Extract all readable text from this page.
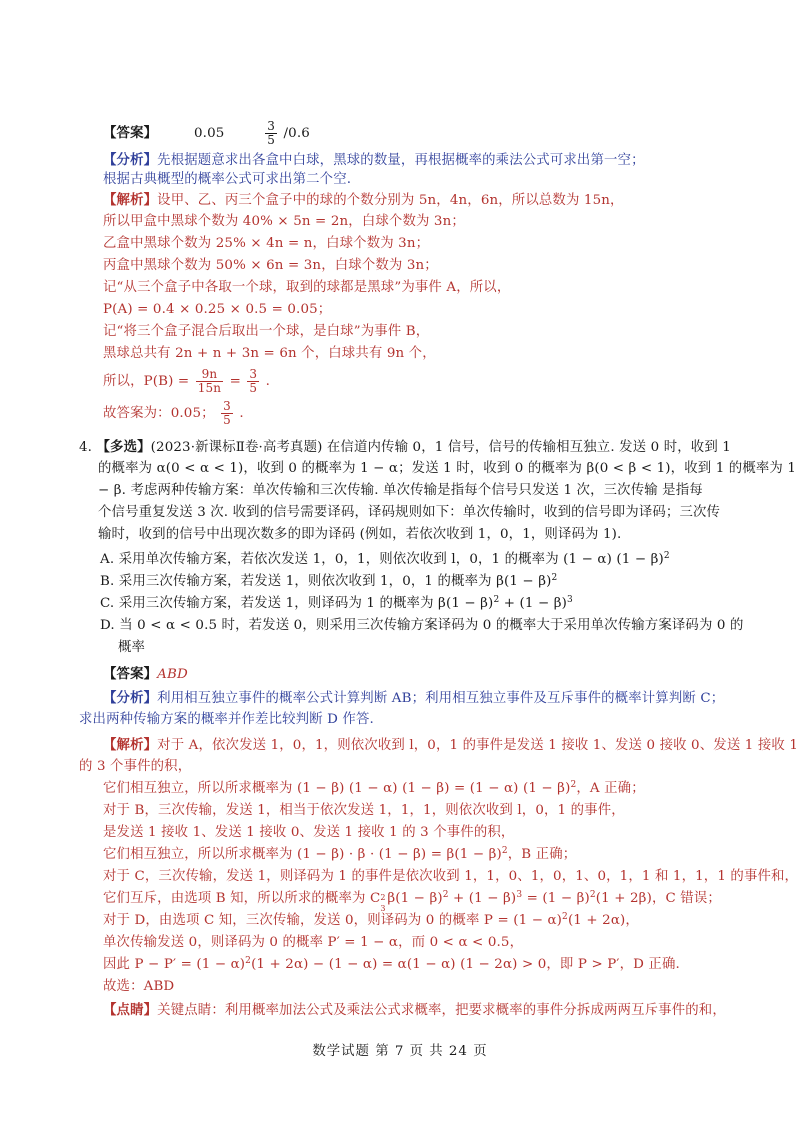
【答案】	0.05	$\frac{3}{5} /0.6$
【分析】先根据题意求出各盒中白球，黑球的数量，再根据概率的乘法公式可求出第一空；
根据古典概型的概率公式可求出第二个空.
【解析】设甲、乙、丙三个盒子中的球的个数分别为 5n，4n，6n，所以总数为 15n，
所以甲盒中黑球个数为 40% × 5n = 2n，白球个数为 3n；
乙盒中黑球个数为 25% × 4n = n，白球个数为 3n；
丙盒中黑球个数为 50% × 6n = 3n，白球个数为 3n；
记“从三个盒子中各取一个球，取到的球都是黑球”为事件 A，所以，
P(A) = 0.4 × 0.25 × 0.5 = 0.05；
记“将三个盒子混合后取出一个球，是白球”为事件 B，
黑球总共有 2n + n + 3n = 6n 个，白球共有 9n 个，
所以，$P(B) = \frac{9n}{15n} = \frac{3}{5}$ .
故答案为：0.05； $\frac{3}{5}$ .
4. 【多选】(2023·新课标Ⅱ卷·高考真题) 在信道内传输 0，1 信号，信号的传输相互独立. 发送 0 时，收到 1
的概率为 α(0 < α < 1)，收到 0 的概率为 1 − α；发送 1 时，收到 0 的概率为 β(0 < β < 1)，收到 1 的概率为 1
− β. 考虑两种传输方案：单次传输和三次传输. 单次传输是指每个信号只发送 1 次，三次传输 是指每
个信号重复发送 3 次. 收到的信号需要译码，译码规则如下：单次传输时，收到的信号即为译码；三次传
输时，收到的信号中出现次数多的即为译码 (例如，若依次收到 1，0，1，则译码为 1).
A. 采用单次传输方案，若依次发送 1，0，1，则依次收到 l，0，1 的概率为 (1 − α) $(1 - \beta)^2$
B. 采用三次传输方案，若发送 1，则依次收到 1，0，1 的概率为 $\beta(1 - \beta)^2$
C. 采用三次传输方案，若发送 1，则译码为 1 的概率为 $\beta(1 - \beta)^2 + (1 - \beta)^3$
D. 当 0 < α < 0.5 时，若发送 0，则采用三次传输方案译码为 0 的概率大于采用单次传输方案译码为 0 的
概率
【答案】ABD
【分析】利用相互独立事件的概率公式计算判断 AB；利用相互独立事件及互斥事件的概率计算判断 C；
求出两种传输方案的概率并作差比较判断 D 作答.
【解析】对于 A，依次发送 1，0，1，则依次收到 l，0，1 的事件是发送 1 接收 1、发送 0 接收 0、发送 1 接收 1
的 3 个事件的积，
它们相互独立，所以所求概率为 (1 − β) (1 − α) (1 − β) = (1 − α) $(1 - \beta)^2$，A 正确；
对于 B，三次传输，发送 1，相当于依次发送 1，1，1，则依次收到 l，0，1 的事件，
是发送 1 接收 1、发送 1 接收 0、发送 1 接收 1 的 3 个事件的积，
它们相互独立，所以所求概率为 $(1 - \beta) \cdot \beta \cdot (1 - \beta) = \beta(1 - \beta)^2$，B 正确；
对于 C，三次传输，发送 1，则译码为 1 的事件是依次收到 1，1，0、1，0，1、0，1，1 和 1，1，1 的事件和，
它们互斥，由选项 B 知，所以所求的概率为 C 2
3
$\beta(1 - \beta)^2 + (1 - \beta)^3 = (1 - \beta)^2(1 + 2\beta)$，C 错误；
对于 D，由选项 C 知，三次传输，发送 0，则译码为 0 的概率 $P = (1 - \alpha)^2(1 + 2\alpha)$，
单次传输发送 0，则译码为 0 的概率 P′ = 1 − α，而 0 < α < 0.5，
因此 $P - P' = (1 - \alpha)^2(1 + 2\alpha) - (1 - \alpha) = \alpha(1 - \alpha)$ (1 − 2α) > 0，即 P > P′，D 正确.
故选：ABD
【点睛】关键点睛：利用概率加法公式及乘法公式求概率，把要求概率的事件分拆成两两互斥事件的和，
数学试题 第 7 页 共 24 页
